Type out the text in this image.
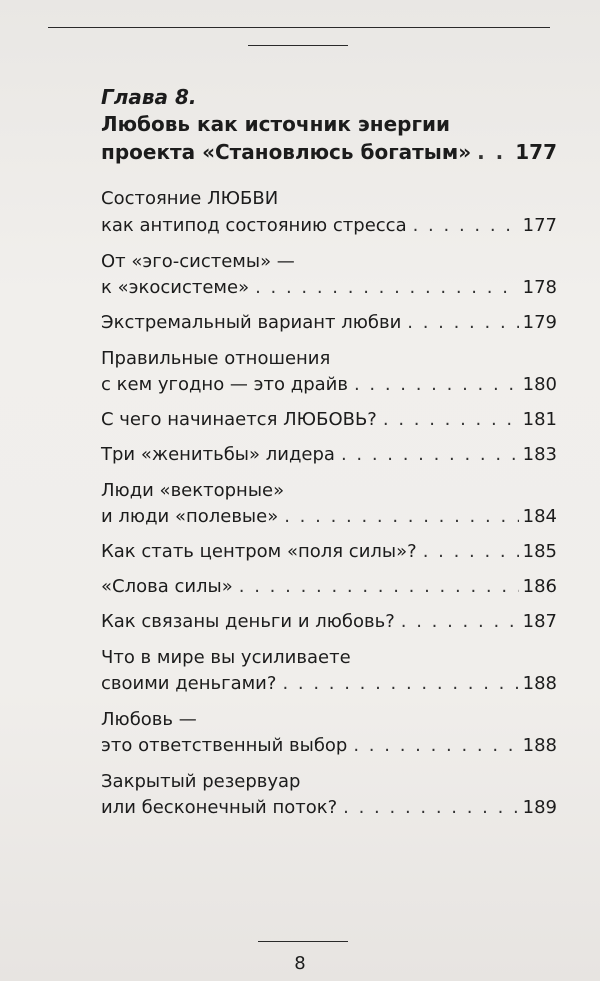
Глава 8.
Любовь как источник энергии
проекта «Становлюсь богатым» . . . 177
Состояние ЛЮБВИ
как антипод состоянию стресса . . .	177
От «эго-системы» —
к «экосистеме» . . .	178
Экстремальный вариант любви . . .	179
Правильные отношения
с кем угодно — это драйв . . .	180
С чего начинается ЛЮБОВЬ? . . .	181
Три «женитьбы» лидера . . .	183
Люди «векторные»
и люди «полевые» . . .	184
Как стать центром «поля силы»? . . .	185
«Слова силы» . . .	186
Как связаны деньги и любовь? . . .	187
Что в мире вы усиливаете
своими деньгами? . . .	188
Любовь —
это ответственный выбор . . .	188
Закрытый резервуар
или бесконечный поток? . . .	189
8
